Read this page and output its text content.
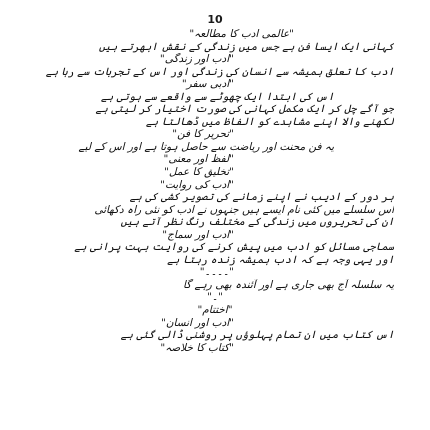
10
"عالمی ادب کا مطالعہ"
کہانی ایک ایسا فن ہے جس میں زندگی کے نقش ابھرتے ہیں
"ادب اور زندگی"
ادب کا تعلق ہمیشہ سے انسان کی زندگی اور اس کے تجربات سے رہا ہے
"ادبی سفر"
اس کی ابتدا ایک چھوٹے سے واقعے سے ہوتی ہے
جو آگے چل کر ایک مکمل کہانی کی صورت اختیار کر لیتی ہے
لکھنے والا اپنے مشاہدے کو الفاظ میں ڈھالتا ہے
"تحریر کا فن"
یہ فن محنت اور ریاضت سے حاصل ہوتا ہے اور اس کے لیے
"لفظ اور معنی"
"تخلیق کا عمل"
"ادب کی روایت"
ہر دور کے ادیب نے اپنے زمانے کی تصویر کشی کی ہے
اس سلسلے میں کئی نام ایسے ہیں جنہوں نے ادب کو نئی راہ دکھائی
ان کی تحریروں میں زندگی کے مختلف رنگ نظر آتے ہیں
"ادب اور سماج"
سماجی مسائل کو ادب میں پیش کرنے کی روایت بہت پرانی ہے
اور یہی وجہ ہے کہ ادب ہمیشہ زندہ رہتا ہے
"۔۔۔۔"
یہ سلسلہ آج بھی جاری ہے اور آئندہ بھی رہے گا
"۔"
"اختتام"
"ادب اور انسان"
اس کتاب میں ان تمام پہلوؤں پر روشنی ڈالی گئی ہے
"کتاب کا خلاصہ"
